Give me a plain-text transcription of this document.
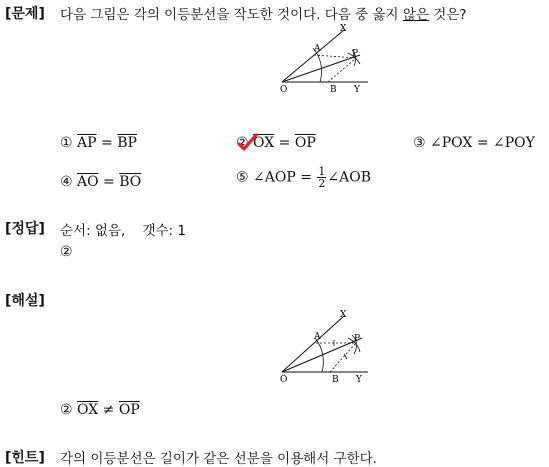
[문제] 다음 그림은 각의 이등분선을 작도한 것이다. 다음 중 옳지 않은 것은?
X
A	P
O	B Y
① $\overline{AP} = \overline{BP}$	② $\overline{OX} = \overline{OP}$	③ ∠POX = ∠POY
④ $\overline{AO} = \overline{BO}$	⑤ ∠AOP = $\frac{1}{2}$ ∠AOB
[정답] 순서: 없음,    갯수: 1
②
[해설]
X
A	P
O	B Y
② $\overline{OX} \ne \overline{OP}$
[힌트] 각의 이등분선은 길이가 같은 선분을 이용해서 구한다.
